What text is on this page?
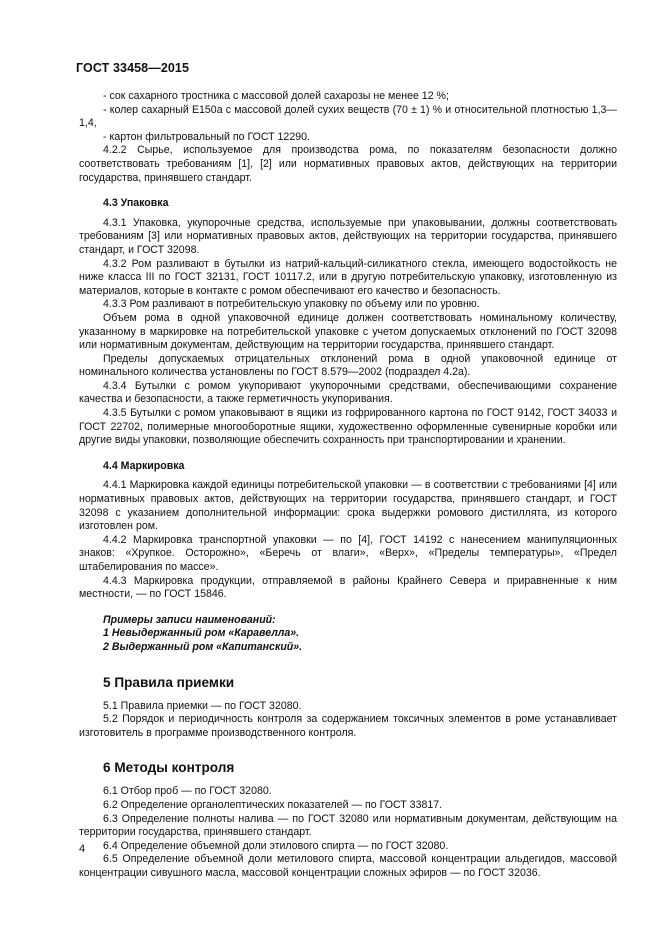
ГОСТ 33458—2015

- сок сахарного тростника с массовой долей сахарозы не менее 12 %;

- колер сахарный Е150а с массовой долей сухих веществ (70 ± 1) % и относительной плотностью 1,3—1,4,

- картон фильтровальный по ГОСТ 12290.

4.2.2 Сырье, используемое для производства рома, по показателям безопасности должно соответствовать требованиям [1], [2] или нормативных правовых актов, действующих на территории государства, принявшего стандарт.

4.3 Упаковка

4.3.1 Упаковка, укупорочные средства, используемые при упаковывании, должны соответствовать требованиям [3] или нормативных правовых актов, действующих на территории государства, принявшего стандарт, и ГОСТ 32098.

4.3.2 Ром разливают в бутылки из натрий-кальций-силикатного стекла, имеющего водостойкость не ниже класса III по ГОСТ 32131, ГОСТ 10117.2, или в другую потребительскую упаковку, изготовленную из материалов, которые в контакте с ромом обеспечивают его качество и безопасность.

4.3.3 Ром разливают в потребительскую упаковку по объему или по уровню.

Объем рома в одной упаковочной единице должен соответствовать номинальному количеству, указанному в маркировке на потребительской упаковке с учетом допускаемых отклонений по ГОСТ 32098 или нормативным документам, действующим на территории государства, принявшего стандарт.

Пределы допускаемых отрицательных отклонений рома в одной упаковочной единице от номинального количества установлены по ГОСТ 8.579—2002 (подраздел 4.2а).

4.3.4 Бутылки с ромом укупоривают укупорочными средствами, обеспечивающими сохранение качества и безопасности, а также герметичность укупоривания.

4.3.5 Бутылки с ромом упаковывают в ящики из гофрированного картона по ГОСТ 9142, ГОСТ 34033 и ГОСТ 22702, полимерные многооборотные ящики, художественно оформленные сувенирные коробки или другие виды упаковки, позволяющие обеспечить сохранность при транспортировании и хранении.

4.4 Маркировка

4.4.1 Маркировка каждой единицы потребительской упаковки — в соответствии с требованиями [4] или нормативных правовых актов, действующих на территории государства, принявшего стандарт, и ГОСТ 32098 с указанием дополнительной информации: срока выдержки ромового дистиллята, из которого изготовлен ром.

4.4.2 Маркировка транспортной упаковки — по [4], ГОСТ 14192 с нанесением манипуляционных знаков: «Хрупкое. Осторожно», «Беречь от влаги», «Верх», «Пределы температуры», «Предел штабелирования по массе».

4.4.3 Маркировка продукции, отправляемой в районы Крайнего Севера и приравненные к ним местности, — по ГОСТ 15846.

Примеры записи наименований:

1 Невыдержанный ром «Каравелла».

2 Выдержанный ром «Капитанский».

5 Правила приемки

5.1 Правила приемки — по ГОСТ 32080.

5.2 Порядок и периодичность контроля за содержанием токсичных элементов в роме устанавливает изготовитель в программе производственного контроля.

6 Методы контроля

6.1 Отбор проб — по ГОСТ 32080.

6.2 Определение органолептических показателей — по ГОСТ 33817.

6.3 Определение полноты налива — по ГОСТ 32080 или нормативным документам, действующим на территории государства, принявшего стандарт.

6.4 Определение объемной доли этилового спирта — по ГОСТ 32080.

6.5 Определение объемной доли метилового спирта, массовой концентрации альдегидов, массовой концентрации сивушного масла, массовой концентрации сложных эфиров — по ГОСТ 32036.

4
